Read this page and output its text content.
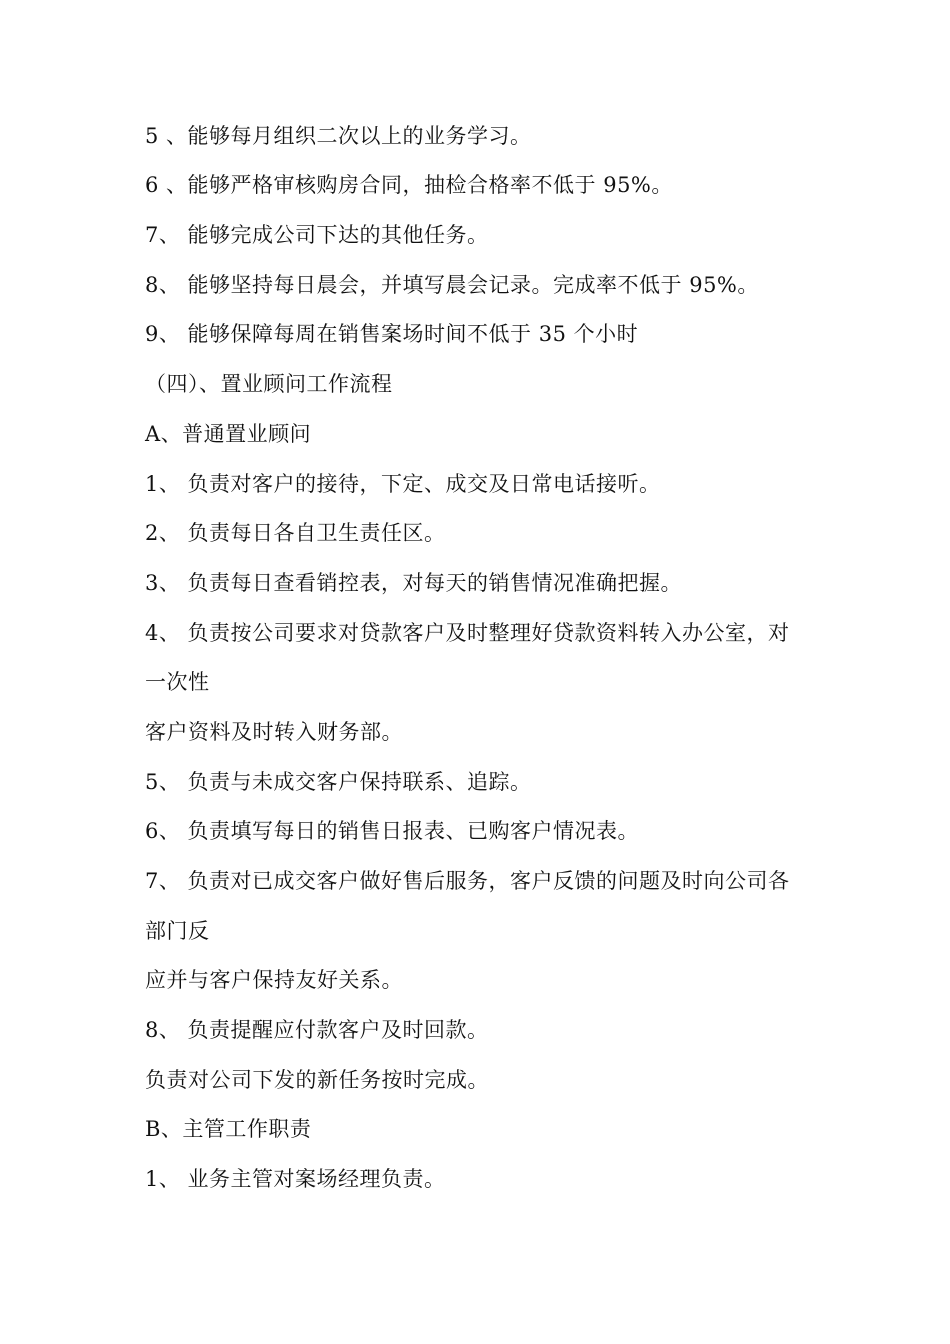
5 、能够每月组织二次以上的业务学习。
6 、能够严格审核购房合同，抽检合格率不低于 95%。
7、 能够完成公司下达的其他任务。
8、 能够坚持每日晨会，并填写晨会记录。完成率不低于 95%。
9、 能够保障每周在销售案场时间不低于 35 个小时
（四）、置业顾问工作流程
A、普通置业顾问
1、 负责对客户的接待，下定、成交及日常电话接听。
2、 负责每日各自卫生责任区。
3、 负责每日查看销控表，对每天的销售情况准确把握。
4、 负责按公司要求对贷款客户及时整理好贷款资料转入办公室，对
一次性
客户资料及时转入财务部。
5、 负责与未成交客户保持联系、追踪。
6、 负责填写每日的销售日报表、已购客户情况表。
7、 负责对已成交客户做好售后服务，客户反馈的问题及时向公司各
部门反
应并与客户保持友好关系。
8、 负责提醒应付款客户及时回款。
负责对公司下发的新任务按时完成。
B、主管工作职责
1、 业务主管对案场经理负责。
